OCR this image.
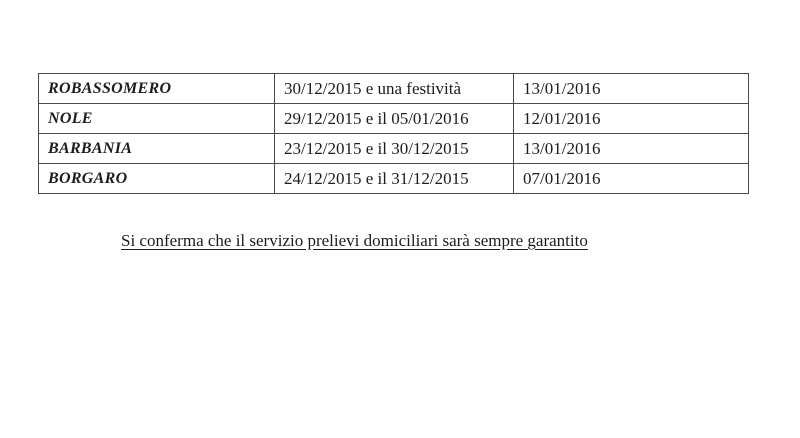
ROBASSOMERO	30/12/2015 e una festività	13/01/2016
NOLE	29/12/2015 e il 05/01/2016	12/01/2016
BARBANIA	23/12/2015 e il 30/12/2015	13/01/2016
BORGARO	24/12/2015 e il 31/12/2015	07/01/2016
Si conferma che il servizio prelievi domiciliari sarà sempre garantito
